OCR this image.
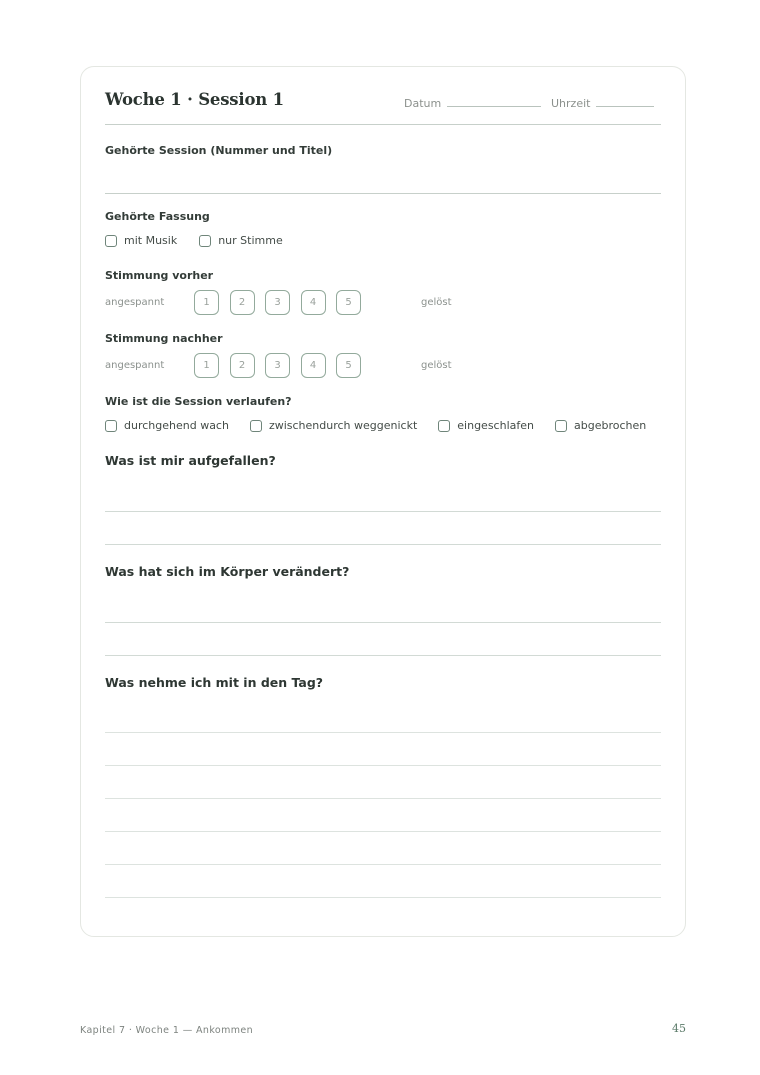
Woche 1 · Session 1	Datum	Uhrzeit
Gehörte Session (Nummer und Titel)
Gehörte Fassung
mit Musik	nur Stimme
Stimmung vorher
angespannt	1	2	3	4	5	gelöst
Stimmung nachher
angespannt	1	2	3	4	5	gelöst
Wie ist die Session verlaufen?
durchgehend wach	zwischendurch weggenickt	eingeschlafen	abgebrochen
Was ist mir aufgefallen?
Was hat sich im Körper verändert?
Was nehme ich mit in den Tag?
Kapitel 7 · Woche 1 — Ankommen	45
